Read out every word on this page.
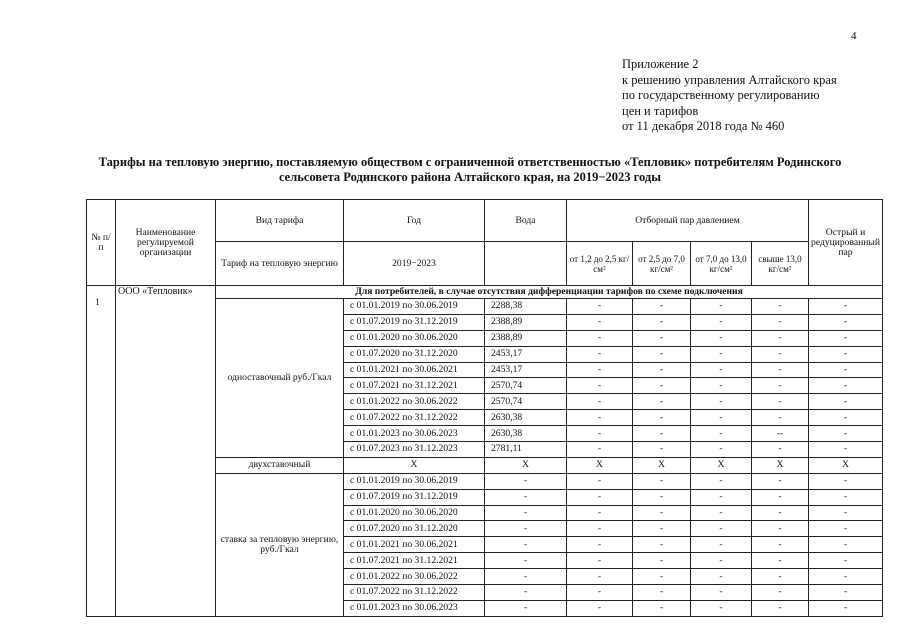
4
Приложение 2
к решению управления Алтайского края
по государственному регулированию
цен и тарифов
от 11 декабря 2018 года № 460
Тарифы на тепловую энергию, поставляемую обществом с ограниченной ответственностью «Тепловик» потребителям Родинского
сельсовета Родинского района Алтайского края, на 2019−2023 годы
№ п/п	Наименование регулируемой организации	Вид тарифа	Год	Вода	Отборный пар давлением				Острый и редуцированный пар
		Тариф на тепловую энергию	2019−2023		от 1,2 до 2,5 кг/см²	от 2,5 до 7,0 кг/см²	от 7,0 до 13,0 кг/см²	свыше 13,0 кг/см²	
1	ООО «Тепловик»	Для потребителей, в случае отсутствия дифференциации тарифов по схеме подключения							
		одноставочный руб./Гкал	с 01.01.2019 по 30.06.2019	2288,38	-	-	-	-	-
			с 01.07.2019 по 31.12.2019	2388,89	-	-	-	-	-
			с 01.01.2020 по 30.06.2020	2388,89	-	-	-	-	-
			с 01.07.2020 по 31.12.2020	2453,17	-	-	-	-	-
			с 01.01.2021 по 30.06.2021	2453,17	-	-	-	-	-
			с 01.07.2021 по 31.12.2021	2570,74	-	-	-	-	-
			с 01.01.2022 по 30.06.2022	2570,74	-	-	-	-	-
			с 01.07.2022 по 31.12.2022	2630,38	-	-	-	-	-
			с 01.01.2023 по 30.06.2023	2630,38	-	-	-	--	-
			с 01.07.2023 по 31.12.2023	2781,11	-	-	-	-	-
		двухставочный	X	X	X	X	X	X	X
		ставка за тепловую энергию, руб./Гкал	с 01.01.2019 по 30.06.2019	-	-	-	-	-	-
			с 01.07.2019 по 31.12.2019	-	-	-	-	-	-
			с 01.01.2020 по 30.06.2020	-	-	-	-	-	-
			с 01.07.2020 по 31.12.2020	-	-	-	-	-	-
			с 01.01.2021 по 30.06.2021	-	-	-	-	-	-
			с 01.07.2021 по 31.12.2021	-	-	-	-	-	-
			с 01.01.2022 по 30.06.2022	-	-	-	-	-	-
			с 01.07.2022 по 31.12.2022	-	-	-	-	-	-
			с 01.01.2023 по 30.06.2023	-	-	-	-	-	-
